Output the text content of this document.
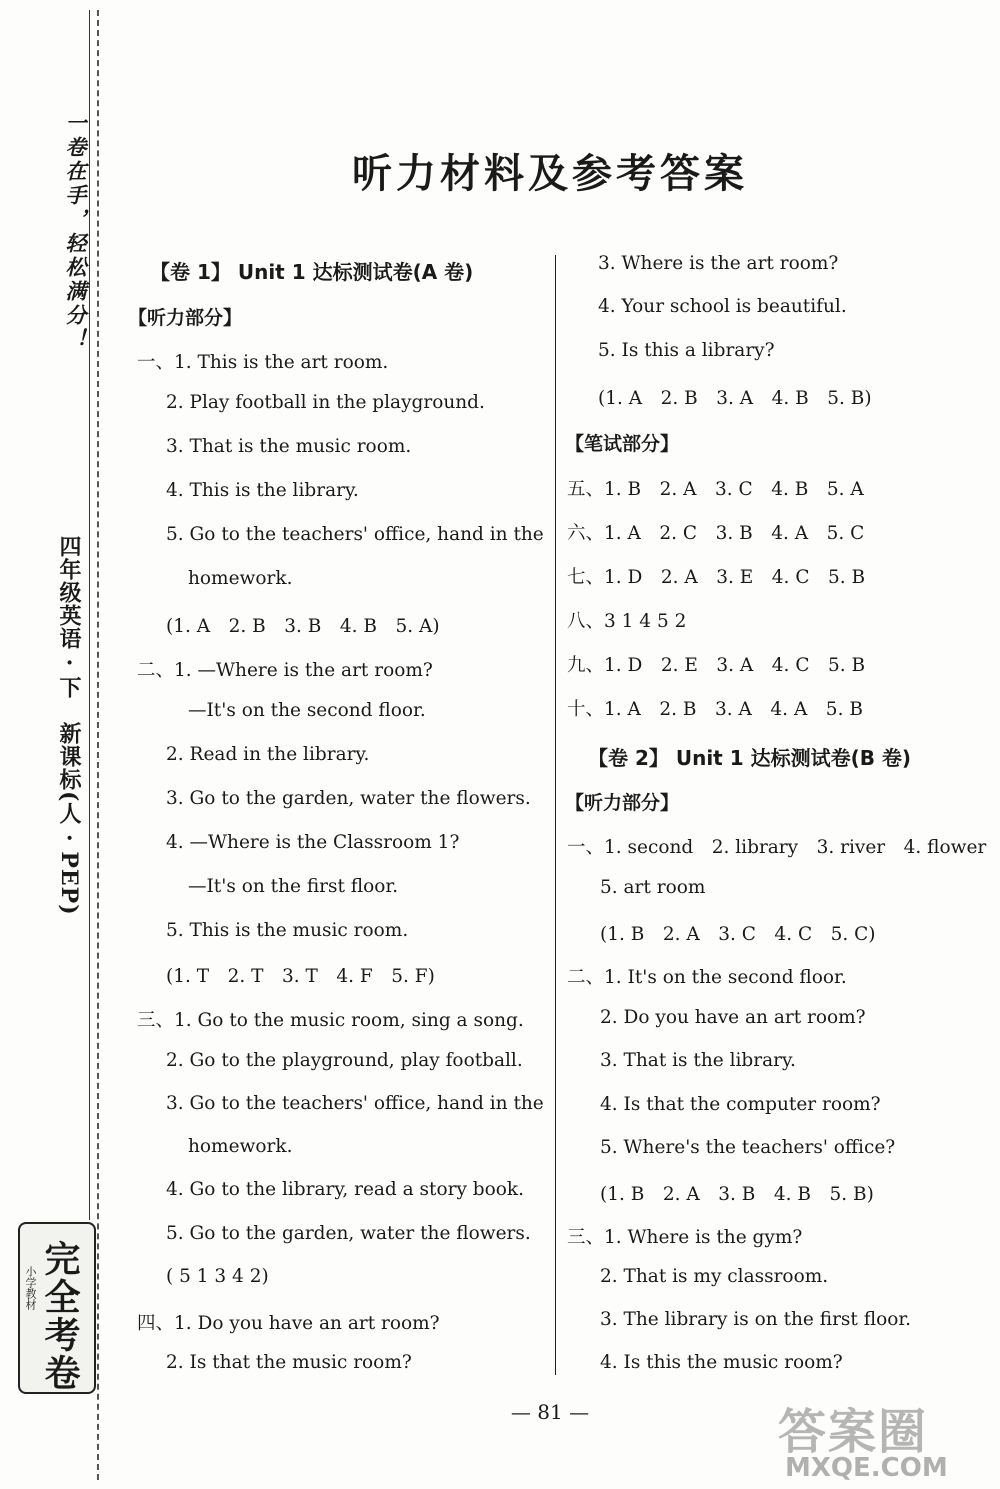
一卷在手，轻松满分！
四年级英语 · 下　新课标(人 · PEP)
完全考卷
小学教材
听力材料及参考答案
【卷 1】 Unit 1 达标测试卷(A 卷)
【听力部分】
一、1. This is the art room.
2. Play football in the playground.
3. That is the music room.
4. This is the library.
5. Go to the teachers' office, hand in the
homework.
(1. A　2. B　3. B　4. B　5. A)
二、1. —Where is the art room?
—It's on the second floor.
2. Read in the library.
3. Go to the garden, water the flowers.
4. —Where is the Classroom 1?
—It's on the first floor.
5. This is the music room.
(1. T　2. T　3. T　4. F　5. F)
三、1. Go to the music room, sing a song.
2. Go to the playground, play football.
3. Go to the teachers' office, hand in the
homework.
4. Go to the library, read a story book.
5. Go to the garden, water the flowers.
( 5 1 3 4 2)
四、1. Do you have an art room?
2. Is that the music room?
3. Where is the art room?
4. Your school is beautiful.
5. Is this a library?
(1. A　2. B　3. A　4. B　5. B)
【笔试部分】
五、1. B　2. A　3. C　4. B　5. A
六、1. A　2. C　3. B　4. A　5. C
七、1. D　2. A　3. E　4. C　5. B
八、3 1 4 5 2
九、1. D　2. E　3. A　4. C　5. B
十、1. A　2. B　3. A　4. A　5. B
【卷 2】 Unit 1 达标测试卷(B 卷)
【听力部分】
一、1. second　2. library　3. river　4. flower
5. art room
(1. B　2. A　3. C　4. C　5. C)
二、1. It's on the second floor.
2. Do you have an art room?
3. That is the library.
4. Is that the computer room?
5. Where's the teachers' office?
(1. B　2. A　3. B　4. B　5. B)
三、1. Where is the gym?
2. That is my classroom.
3. The library is on the first floor.
4. Is this the music room?
— 81 —	答案圈
MXQE.COM
